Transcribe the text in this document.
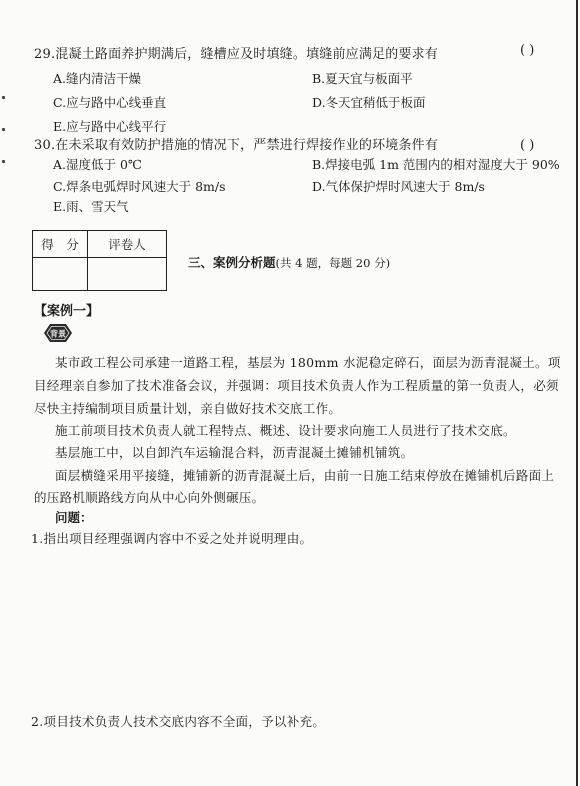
29.混凝土路面养护期满后，缝槽应及时填缝。填缝前应满足的要求有	( )
A.缝内清洁干燥	B.夏天宜与板面平
C.应与路中心线垂直	D.冬天宜稍低于板面
E.应与路中心线平行
30.在未采取有效防护措施的情况下，严禁进行焊接作业的环境条件有	( )
A.湿度低于 0℃	B.焊接电弧 1m 范围内的相对湿度大于 90%
C.焊条电弧焊时风速大于 8m/s	D.气体保护焊时风速大于 8m/s
E.雨、雪天气
得　分	评卷人

三、案例分析题(共 4 题，每题 20 分)
【案例一】
背景
某市政工程公司承建一道路工程，基层为 180mm 水泥稳定碎石，面层为沥青混凝土。项
目经理亲自参加了技术准备会议，并强调：项目技术负责人作为工程质量的第一负责人，必须
尽快主持编制项目质量计划，亲自做好技术交底工作。
施工前项目技术负责人就工程特点、概述、设计要求向施工人员进行了技术交底。
基层施工中，以自卸汽车运输混合料，沥青混凝土摊铺机铺筑。
面层横缝采用平接缝，摊铺新的沥青混凝土后，由前一日施工结束停放在摊铺机后路面上
的压路机顺路线方向从中心向外侧碾压。
问题：
1.指出项目经理强调内容中不妥之处并说明理由。
2.项目技术负责人技术交底内容不全面，予以补充。
